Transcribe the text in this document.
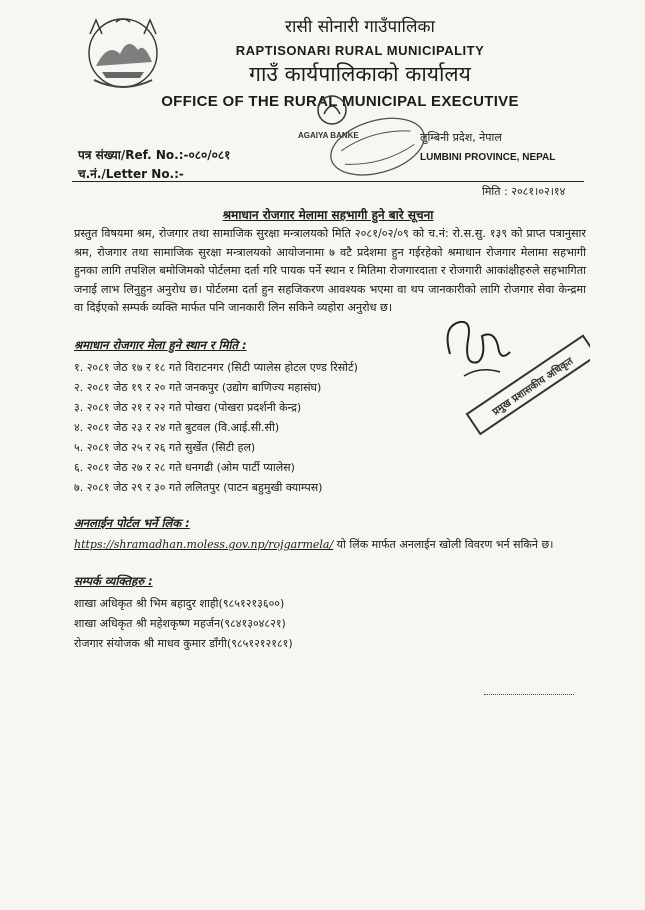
रासी सोनारी गाउँपालिका
RAPTISONARI RURAL MUNICIPALITY
गाउँ कार्यपालिकाको कार्यालय
OFFICE OF THE RURAL MUNICIPAL EXECUTIVE
AGAIYA BANKE
पत्र संख्या/Ref. No.:-०८०/०८१
च.नं./Letter No.:-
लुम्बिनी प्रदेश, नेपाल
LUMBINI PROVINCE, NEPAL
मिति : २०८१।०२।१४
श्रमाधान रोजगार मेलामा सहभागी हुने बारे सूचना
प्रस्तुत विषयमा श्रम, रोजगार तथा सामाजिक सुरक्षा मन्त्रालयको मिति २०८१/०२/०९ को च.नं: रो.स.सु. १३९ को प्राप्त पत्रानुसार श्रम, रोजगार तथा सामाजिक सुरक्षा मन्त्रालयको आयोजनामा ७ वटै प्रदेशमा हुन गईरहेको श्रमाधान रोजगार मेलामा सहभागी हुनका लागि तपशिल बमोजिमको पोर्टलमा दर्ता गरि पायक पर्ने स्थान र मितिमा रोजगारदाता र रोजगारी आकांक्षीहरुले सहभागिता जनाई लाभ लिनुहुन अनुरोध छ। पोर्टलमा दर्ता हुन सहजिकरण आवश्यक भएमा वा थप जानकारीको लागि रोजगार सेवा केन्द्रमा वा दिईएको सम्पर्क व्यक्ति मार्फत पनि जानकारी लिन सकिने व्यहोरा अनुरोध छ।
श्रमाधान रोजगार मेला हुने स्थान र मिति :
१. २०८१ जेठ १७ र १८ गते विराटनगर (सिटी प्यालेस होटल एण्ड रिसोर्ट)
२. २०८१ जेठ १९ र २० गते जनकपुर (उद्योग बाणिज्य महासंघ)
३. २०८१ जेठ २१ र २२ गते पोखरा (पोखरा प्रदर्शनी केन्द्र)
४. २०८१ जेठ २३ र २४ गते बुटवल (वि.आई.सी.सी)
५. २०८१ जेठ २५ र २६ गते सुर्खेत (सिटी हल)
६. २०८१ जेठ २७ र २८ गते धनगढी (ओम पार्टी प्यालेस)
७. २०८१ जेठ २९ र ३० गते ललितपुर (पाटन बहुमुखी क्याम्पस)
अनलाईन पोर्टल भर्ने लिंक :
https://shramadhan.moless.gov.np/rojgarmela/ यो लिंक मार्फत अनलाईन खोली विवरण भर्न सकिने छ।
सम्पर्क व्यक्तिहरु :
शाखा अधिकृत श्री भिम बहादुर शाही(९८५१२१३६००)
शाखा अधिकृत श्री महेशकृष्ण महर्जन(९८४१३०४८२१)
रोजगार संयोजक श्री माधव कुमार डाँगी(९८५१२१२१८१)
प्रमुख प्रशासकीय अधिकृत
